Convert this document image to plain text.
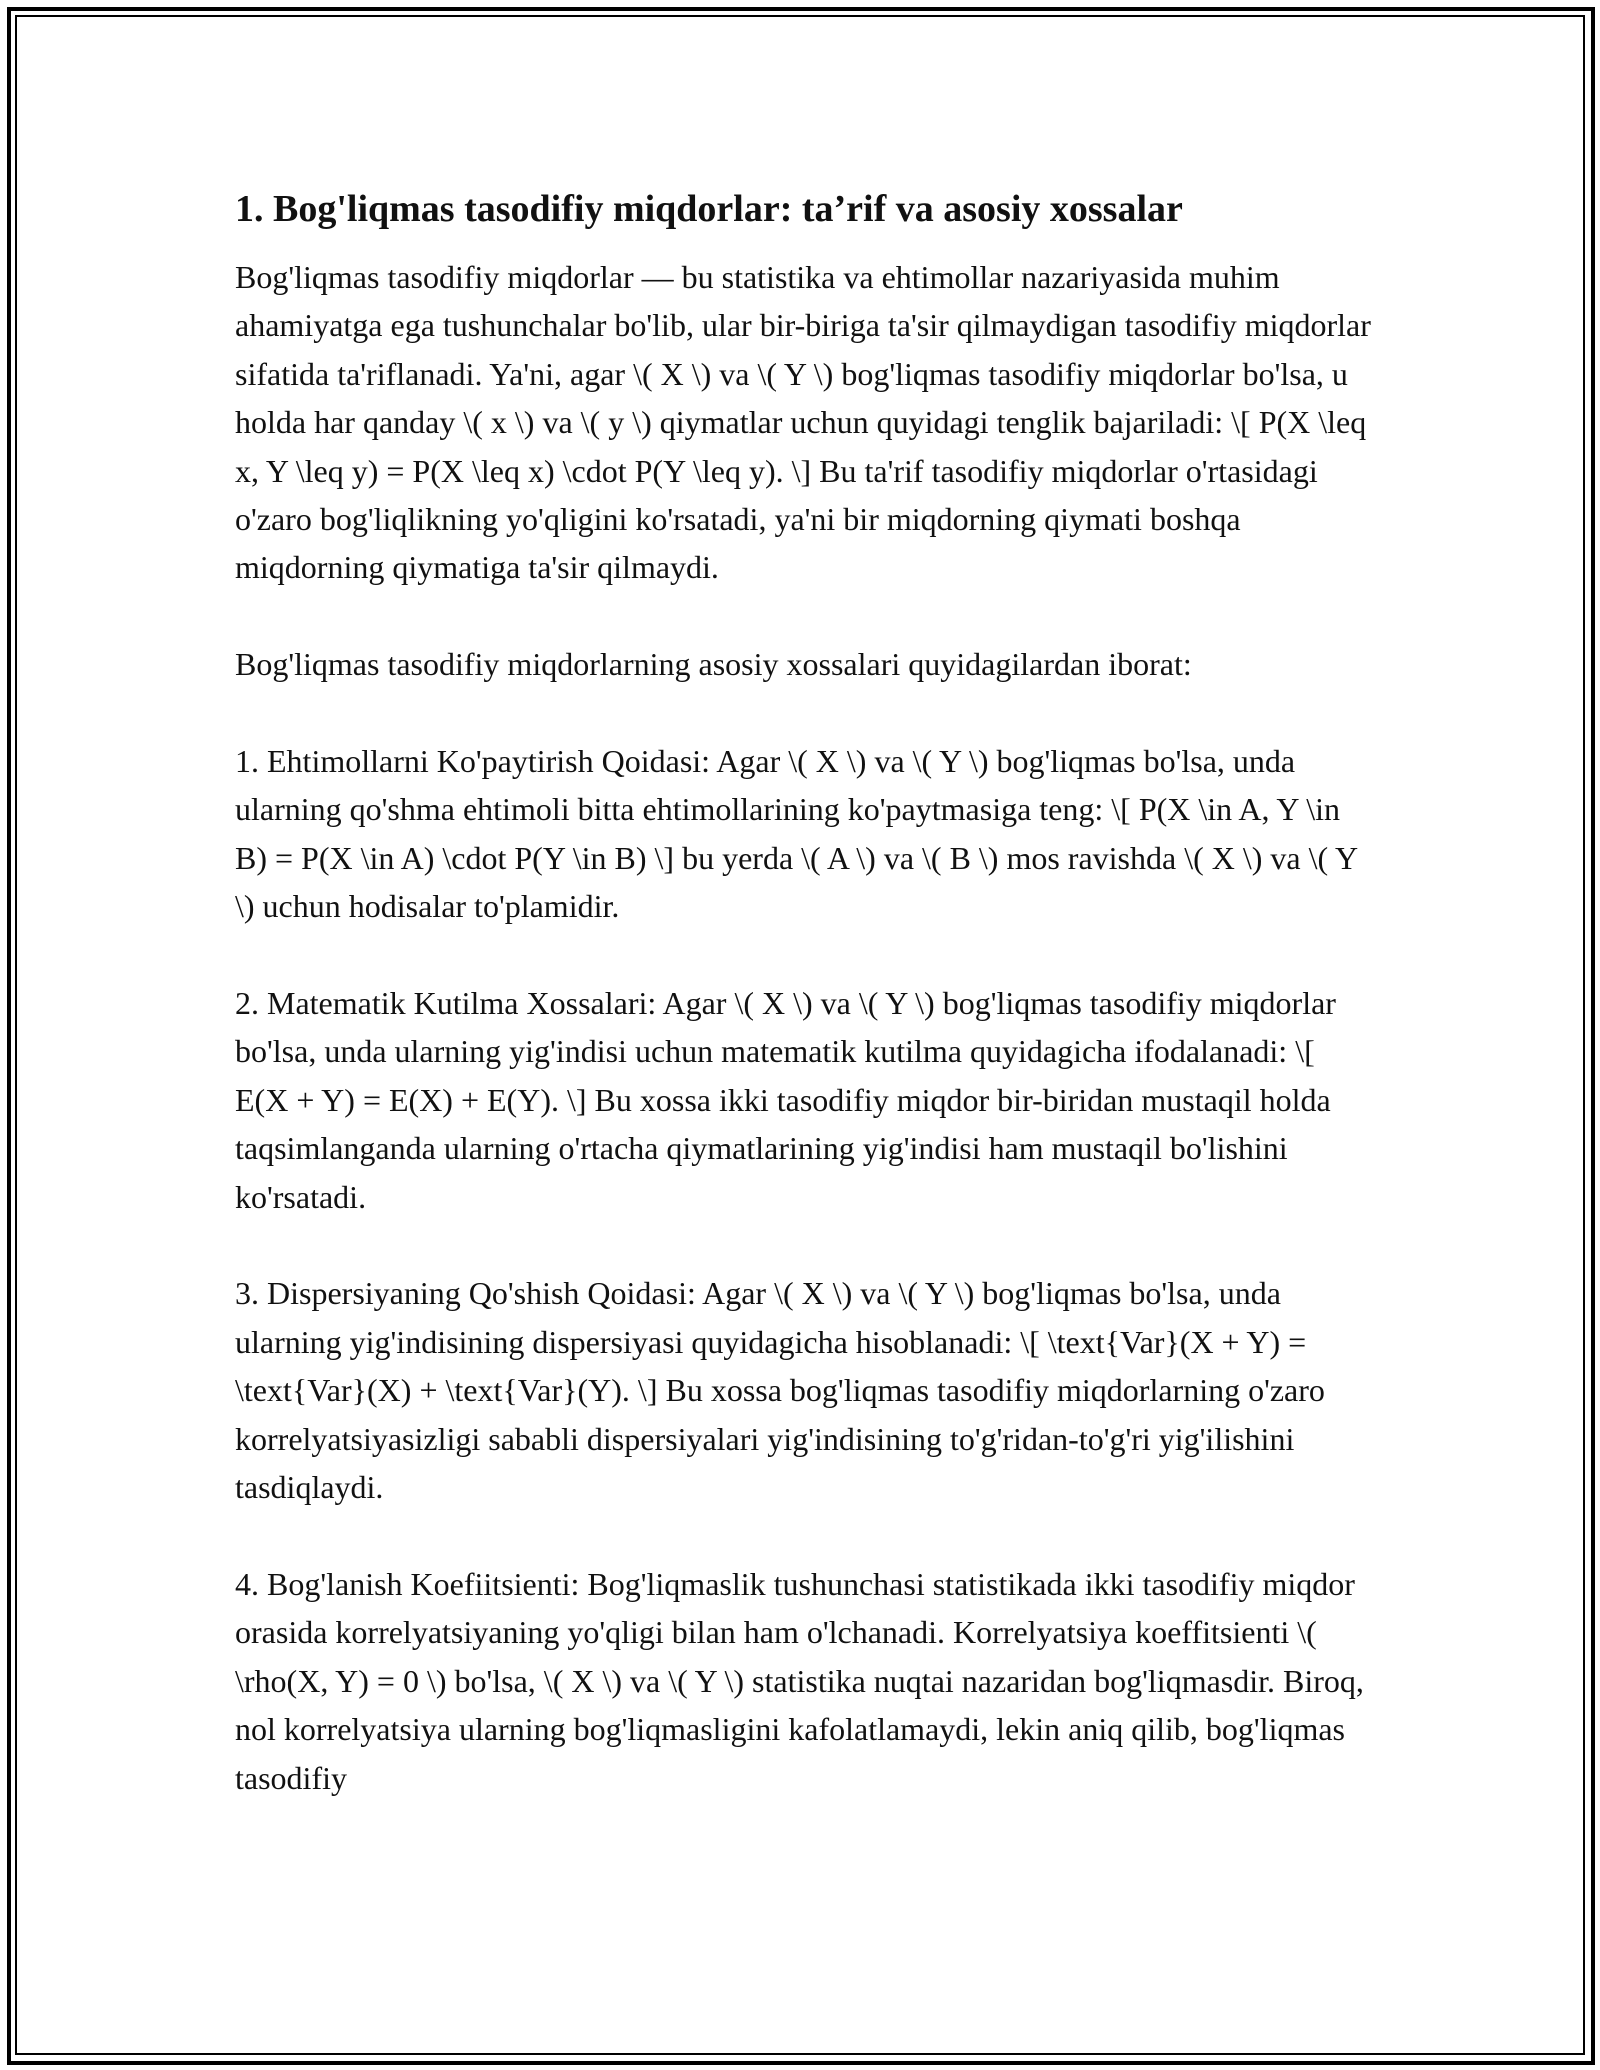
1. Bog'liqmas tasodifiy miqdorlar: ta’rif va asosiy xossalar

Bog'liqmas tasodifiy miqdorlar — bu statistika va ehtimollar nazariyasida muhim ahamiyatga ega tushunchalar bo'lib, ular bir-biriga ta'sir qilmaydigan tasodifiy miqdorlar sifatida ta'riflanadi. Ya'ni, agar \( X \) va \( Y \) bog'liqmas tasodifiy miqdorlar bo'lsa, u holda har qanday \( x \) va \( y \) qiymatlar uchun quyidagi tenglik bajariladi: \[ P(X \leq x, Y \leq y) = P(X \leq x) \cdot P(Y \leq y). \] Bu ta'rif tasodifiy miqdorlar o'rtasidagi o'zaro bog'liqlikning yo'qligini ko'rsatadi, ya'ni bir miqdorning qiymati boshqa miqdorning qiymatiga ta'sir qilmaydi.

Bog'liqmas tasodifiy miqdorlarning asosiy xossalari quyidagilardan iborat:

1. Ehtimollarni Ko'paytirish Qoidasi: Agar \( X \) va \( Y \) bog'liqmas bo'lsa, unda ularning qo'shma ehtimoli bitta ehtimollarining ko'paytmasiga teng: \[ P(X \in A, Y \in B) = P(X \in A) \cdot P(Y \in B) \] bu yerda \( A \) va \( B \) mos ravishda \( X \) va \( Y \) uchun hodisalar to'plamidir.

2. Matematik Kutilma Xossalari: Agar \( X \) va \( Y \) bog'liqmas tasodifiy miqdorlar bo'lsa, unda ularning yig'indisi uchun matematik kutilma quyidagicha ifodalanadi: \[ E(X + Y) = E(X) + E(Y). \] Bu xossa ikki tasodifiy miqdor bir-biridan mustaqil holda taqsimlanganda ularning o'rtacha qiymatlarining yig'indisi ham mustaqil bo'lishini ko'rsatadi.

3. Dispersiyaning Qo'shish Qoidasi: Agar \( X \) va \( Y \) bog'liqmas bo'lsa, unda ularning yig'indisining dispersiyasi quyidagicha hisoblanadi: \[ \text{Var}(X + Y) = \text{Var}(X) + \text{Var}(Y). \] Bu xossa bog'liqmas tasodifiy miqdorlarning o'zaro korrelyatsiyasizligi sababli dispersiyalari yig'indisining to'g'ridan-to'g'ri yig'ilishini tasdiqlaydi.

4. Bog'lanish Koefiitsienti: Bog'liqmaslik tushunchasi statistikada ikki tasodifiy miqdor orasida korrelyatsiyaning yo'qligi bilan ham o'lchanadi. Korrelyatsiya koeffitsienti \( \rho(X, Y) = 0 \) bo'lsa, \( X \) va \( Y \) statistika nuqtai nazaridan bog'liqmasdir. Biroq, nol korrelyatsiya ularning bog'liqmasligini kafolatlamaydi, lekin aniq qilib, bog'liqmas tasodifiy
